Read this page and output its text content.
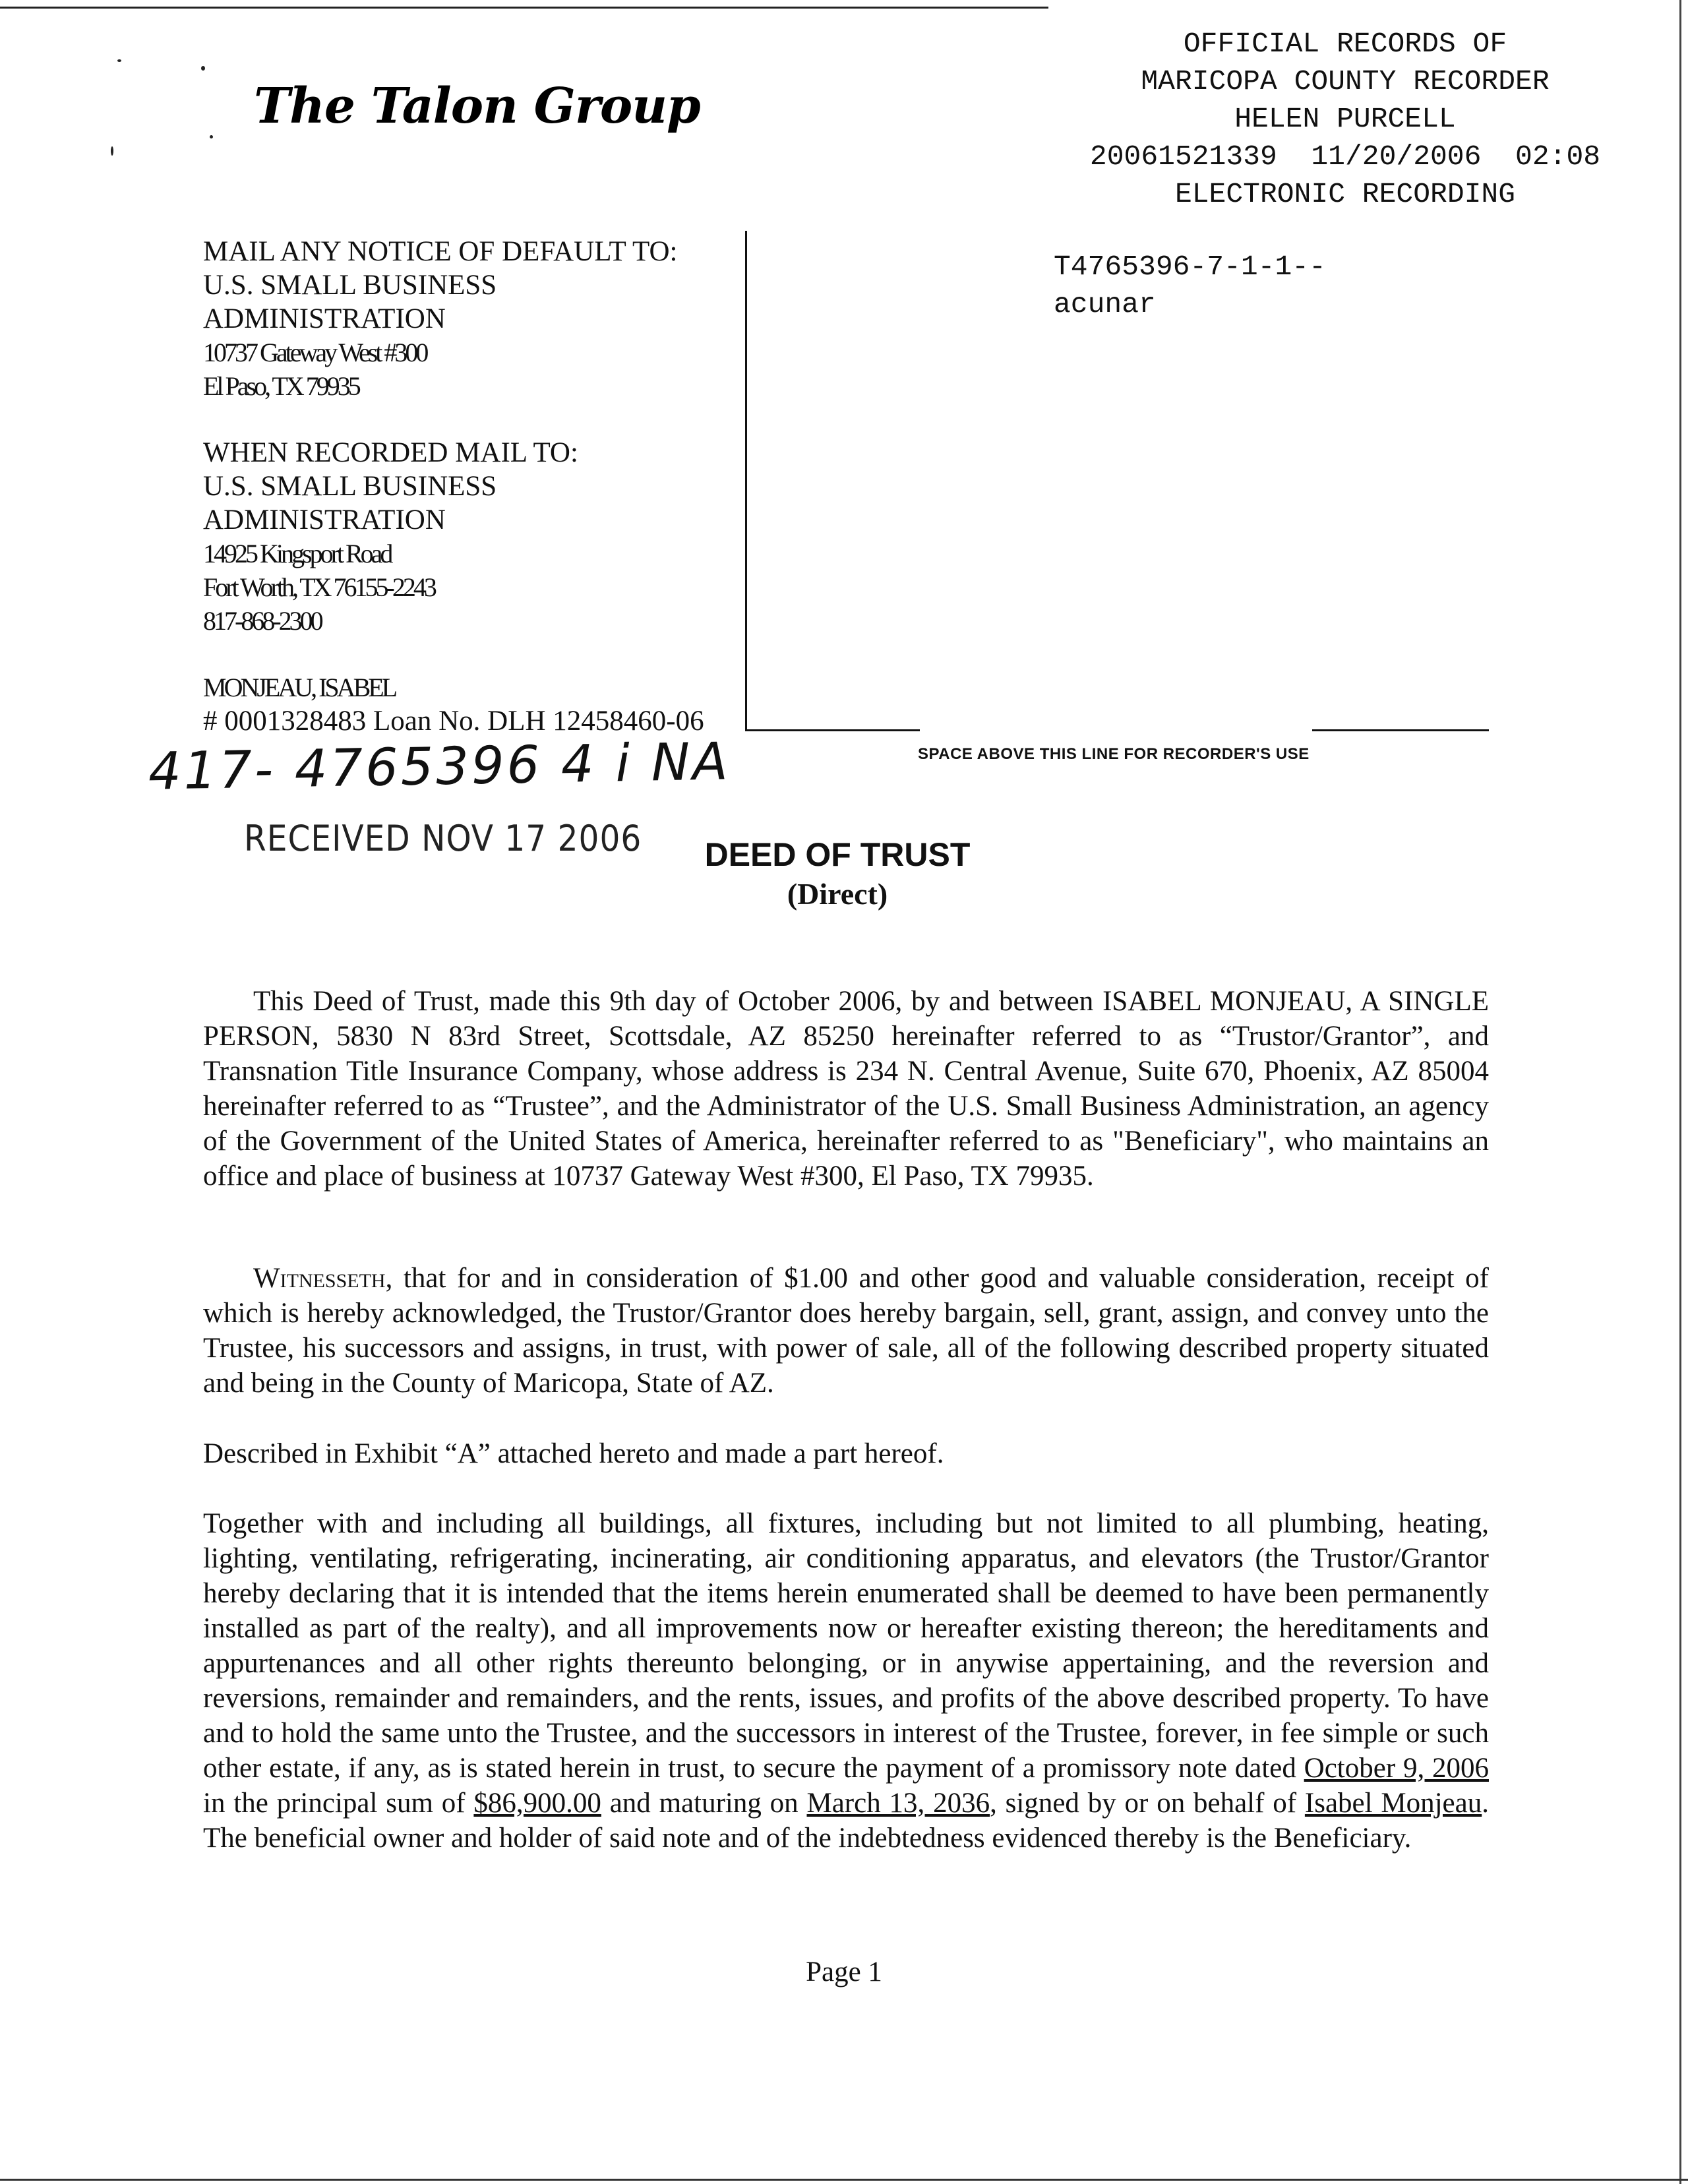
The Talon Group
OFFICIAL RECORDS OF
MARICOPA COUNTY RECORDER
HELEN PURCELL
20061521339  11/20/2006  02:08
ELECTRONIC RECORDING
T4765396-7-1-1--
acunar
MAIL ANY NOTICE OF DEFAULT TO:
U.S. SMALL BUSINESS
ADMINISTRATION
10737 Gateway West #300
El Paso, TX 79935
WHEN RECORDED MAIL TO:
U.S. SMALL BUSINESS
ADMINISTRATION
14925 Kingsport Road
Fort Worth, TX 76155-2243
817-868-2300
MONJEAU, ISABEL
# 0001328483 Loan No. DLH 12458460-06
SPACE ABOVE THIS LINE FOR RECORDER'S USE
417- 4765396 4 i NA
RECEIVED NOV 17 2006	DEED OF TRUST
(Direct)
This Deed of Trust, made this 9th day of October 2006, by and between ISABEL MONJEAU, A SINGLE PERSON, 5830 N 83rd Street, Scottsdale, AZ 85250 hereinafter referred to as “Trustor/Grantor”, and Transnation Title Insurance Company, whose address is 234 N. Central Avenue, Suite 670, Phoenix, AZ 85004 hereinafter referred to as “Trustee”, and the Administrator of the U.S. Small Business Administration, an agency of the Government of the United States of America, hereinafter referred to as "Beneficiary", who maintains an office and place of business at 10737 Gateway West #300, El Paso, TX 79935.
Witnesseth, that for and in consideration of $1.00 and other good and valuable consideration, receipt of which is hereby acknowledged, the Trustor/Grantor does hereby bargain, sell, grant, assign, and convey unto the Trustee, his successors and assigns, in trust, with power of sale, all of the following described property situated and being in the County of Maricopa, State of AZ.
Described in Exhibit “A” attached hereto and made a part hereof.
Together with and including all buildings, all fixtures, including but not limited to all plumbing, heating, lighting, ventilating, refrigerating, incinerating, air conditioning apparatus, and elevators (the Trustor/Grantor hereby declaring that it is intended that the items herein enumerated shall be deemed to have been permanently installed as part of the realty), and all improvements now or hereafter existing thereon; the hereditaments and appurtenances and all other rights thereunto belonging, or in anywise appertaining, and the reversion and reversions, remainder and remainders, and the rents, issues, and profits of the above described property. To have and to hold the same unto the Trustee, and the successors in interest of the Trustee, forever, in fee simple or such other estate, if any, as is stated herein in trust, to secure the payment of a promissory note dated October 9, 2006 in the principal sum of $86,900.00 and maturing on March 13, 2036, signed by or on behalf of Isabel Monjeau. The beneficial owner and holder of said note and of the indebtedness evidenced thereby is the Beneficiary.
Page 1
